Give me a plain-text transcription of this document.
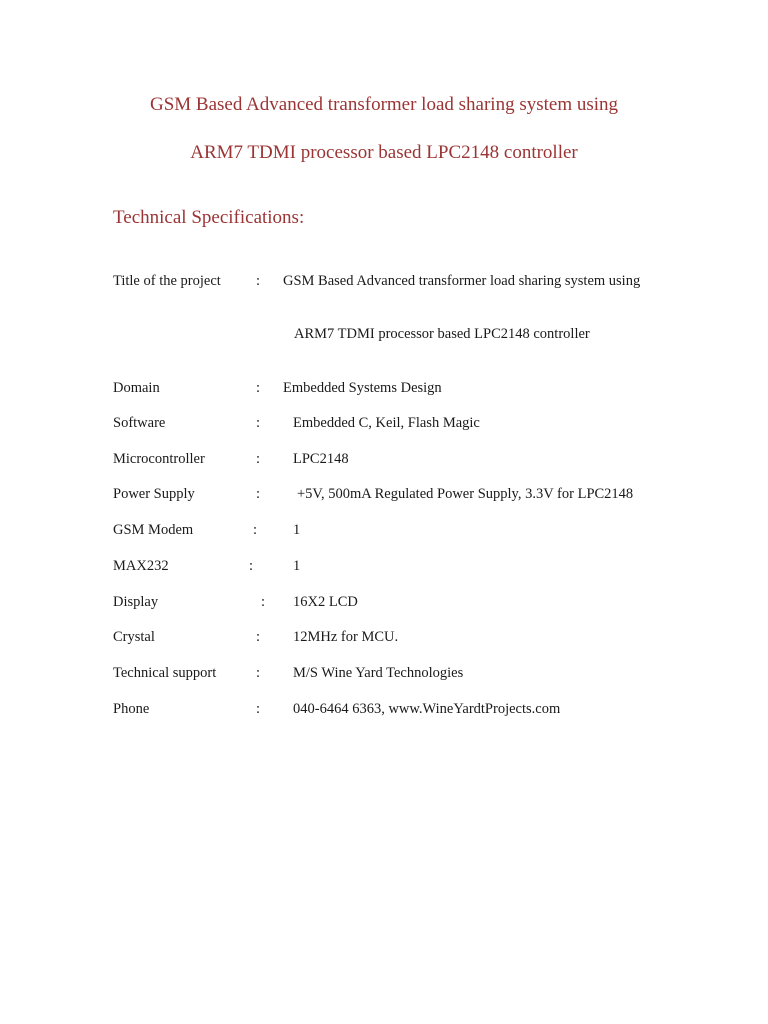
GSM Based Advanced transformer load sharing system using
ARM7 TDMI processor based LPC2148 controller
Technical Specifications:
Title of the project : GSM Based Advanced transformer load sharing system using
ARM7 TDMI processor based LPC2148 controller
Domain	: Embedded Systems Design
Software	: Embedded C, Keil, Flash Magic
Microcontroller	: LPC2148
Power Supply	:	+5V, 500mA Regulated Power Supply, 3.3V for LPC2148
GSM Modem	: 1
MAX232	:	1
Display	: 16X2 LCD
Crystal	: 12MHz for MCU.
Technical support	: M/S Wine Yard Technologies
Phone	: 040-6464 6363, www.WineYardtProjects.com
